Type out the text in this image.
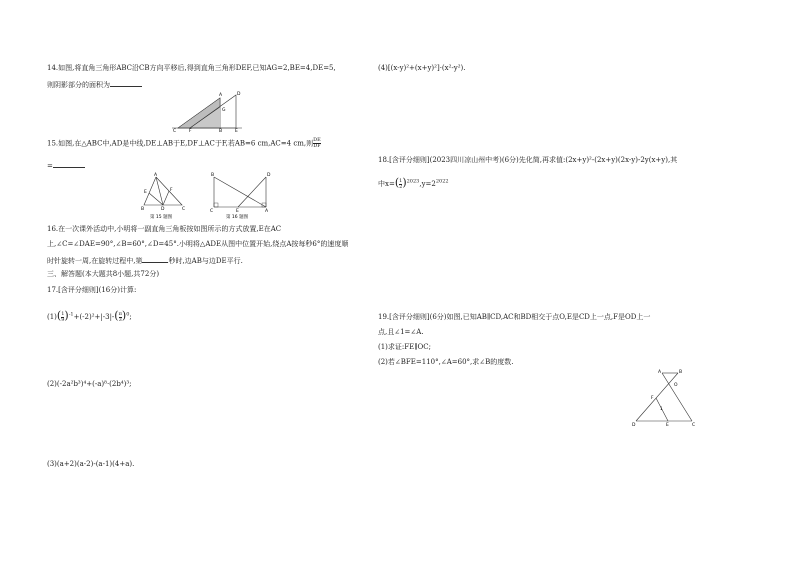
14.如图,将直角三角形ABC沿CB方向平移后,得到直角三角形DEF,已知AG=2,BE=4,DE=5,
则阴影部分的面积为
A	D
G
C	F	B	E
15.如图,在△ABC中,AD是中线,DE⊥AB于E,DF⊥AC于F,若AB=6 cm,AC=4 cm,则 $\frac{DE}{DF}$
=
A
E	F
B	D	C
第 15 题图
B	D
E
C	A
第 16 题图
16.在一次课外活动中,小明将一副直角三角板按如图所示的方式放置,E在AC
上,∠C=∠DAE=90°,∠B=60°,∠D=45°.小明将△ADE从图中位置开始,绕点A按每秒6°的速度顺
时针旋转一周,在旋转过程中,第	秒时,边AB与边DE平行.
三、解答题(本大题共8小题,共72分)
17.[含评分细则](16分)计算:
$(1)( \frac{1}{9} )^{-1}+(-2)^2+|-3|-( \frac{\pi}{3} )^0$;
(2)(-2a²b³)⁴+(-a)⁸·(2b⁴)³;
(3)(a+2)(a-2)-(a-1)(4+a).
(4)[(x-y)²+(x+y)²]·(x²-y²).
18.[含评分细则](2023四川凉山州中考)(6分)先化简,再求值:(2x+y)²-(2x+y)(2x-y)-2y(x+y),其
中$x=( \frac{1}{2} )^{2023},y=2^{2022}$
19.[含评分细则](6分)如图,已知AB∥CD,AC和BD相交于点O,E是CD上一点,F是OD上一
点,且∠1=∠A.
(1)求证:FE∥OC;
(2)若∠BFE=110°,∠A=60°,求∠B的度数.
A	B
O
F
1
D	E	C
